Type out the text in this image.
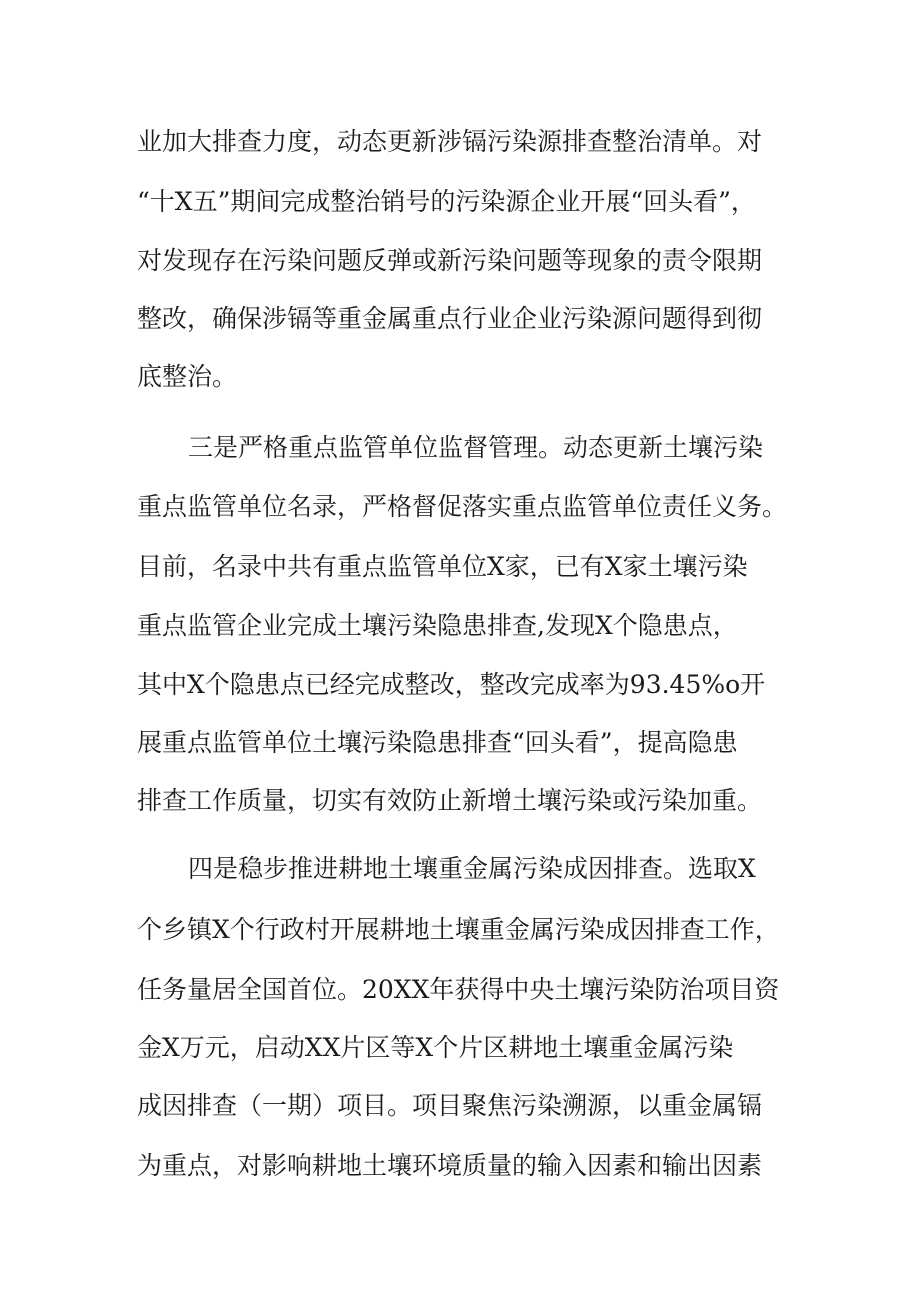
业加大排查力度，动态更新涉镉污染源排查整治清单。对
“十X五”期间完成整治销号的污染源企业开展“回头看”，
对发现存在污染问题反弹或新污染问题等现象的责令限期
整改，确保涉镉等重金属重点行业企业污染源问题得到彻
底整治。
三是严格重点监管单位监督管理。动态更新土壤污染
重点监管单位名录，严格督促落实重点监管单位责任义务。
目前，名录中共有重点监管单位X家，已有X家土壤污染
重点监管企业完成土壤污染隐患排查,发现X个隐患点，
其中X个隐患点已经完成整改，整改完成率为93.45%o开
展重点监管单位土壤污染隐患排查“回头看”，提高隐患
排查工作质量，切实有效防止新增土壤污染或污染加重。
四是稳步推进耕地土壤重金属污染成因排查。选取X
个乡镇X个行政村开展耕地土壤重金属污染成因排查工作，
任务量居全国首位。20XX年获得中央土壤污染防治项目资
金X万元，启动XX片区等X个片区耕地土壤重金属污染
成因排查（一期）项目。项目聚焦污染溯源，以重金属镉
为重点，对影响耕地土壤环境质量的输入因素和输出因素
